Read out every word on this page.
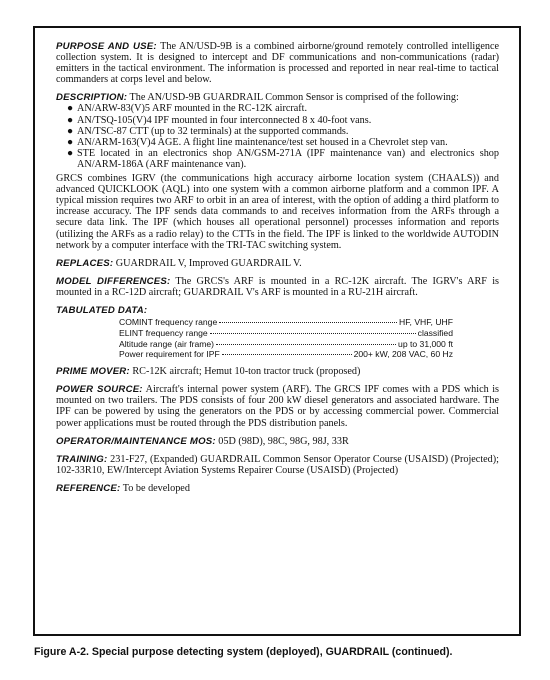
PURPOSE AND USE: The AN/USD-9B is a combined airborne/ground remotely controlled intelligence collection system. It is designed to intercept and DF communications and non-communications (radar) emitters in the tactical environment. The information is processed and reported in near real-time to tactical commanders at corps level and below.

DESCRIPTION: The AN/USD-9B GUARDRAIL Common Sensor is comprised of the following:
● AN/ARW-83(V)5 ARF mounted in the RC-12K aircraft.
● AN/TSQ-105(V)4 IPF mounted in four interconnected 8 x 40-foot vans.
● AN/TSC-87 CTT (up to 32 terminals) at the supported commands.
● AN/ARM-163(V)4 AGE. A flight line maintenance/test set housed in a Chevrolet step van.
● STE located in an electronics shop AN/GSM-271A (IPF maintenance van) and electronics shop AN/ARM-186A (ARF maintenance van).

GRCS combines IGRV (the communications high accuracy airborne location system (CHAALS)) and advanced QUICKLOOK (AQL) into one system with a common airborne platform and a common IPF. A typical mission requires two ARF to orbit in an area of interest, with the option of adding a third platform to increase accuracy. The IPF sends data commands to and receives information from the ARFs through a secure data link. The IPF (which houses all operational personnel) processes information and reports (utilizing the ARFs as a radio relay) to the CTTs in the field. The IPF is linked to the worldwide AUTODIN network by a computer interface with the TRI-TAC switching system.

REPLACES: GUARDRAIL V, Improved GUARDRAIL V.

MODEL DIFFERENCES: The GRCS's ARF is mounted in a RC-12K aircraft. The IGRV's ARF is mounted in a RC-12D aircraft; GUARDRAIL V's ARF is mounted in a RU-21H aircraft.

TABULATED DATA:
COMINT frequency range	HF, VHF, UHF
ELINT frequency range	classified
Altitude range (air frame)	up to 31,000 ft
Power requirement for IPF	200+ kW, 208 VAC, 60 Hz

PRIME MOVER: RC-12K aircraft; Hemut 10-ton tractor truck (proposed)

POWER SOURCE: Aircraft's internal power system (ARF). The GRCS IPF comes with a PDS which is mounted on two trailers. The PDS consists of four 200 kW diesel generators and associated hardware. The IPF can be powered by using the generators on the PDS or by accessing commercial power. Commercial power applications must be routed through the PDS distribution panels.

OPERATOR/MAINTENANCE MOS: 05D (98D), 98C, 98G, 98J, 33R

TRAINING: 231-F27, (Expanded) GUARDRAIL Common Sensor Operator Course (USAISD) (Projected); 102-33R10, EW/Intercept Aviation Systems Repairer Course (USAISD) (Projected)

REFERENCE: To be developed

Figure A-2. Special purpose detecting system (deployed), GUARDRAIL (continued).
